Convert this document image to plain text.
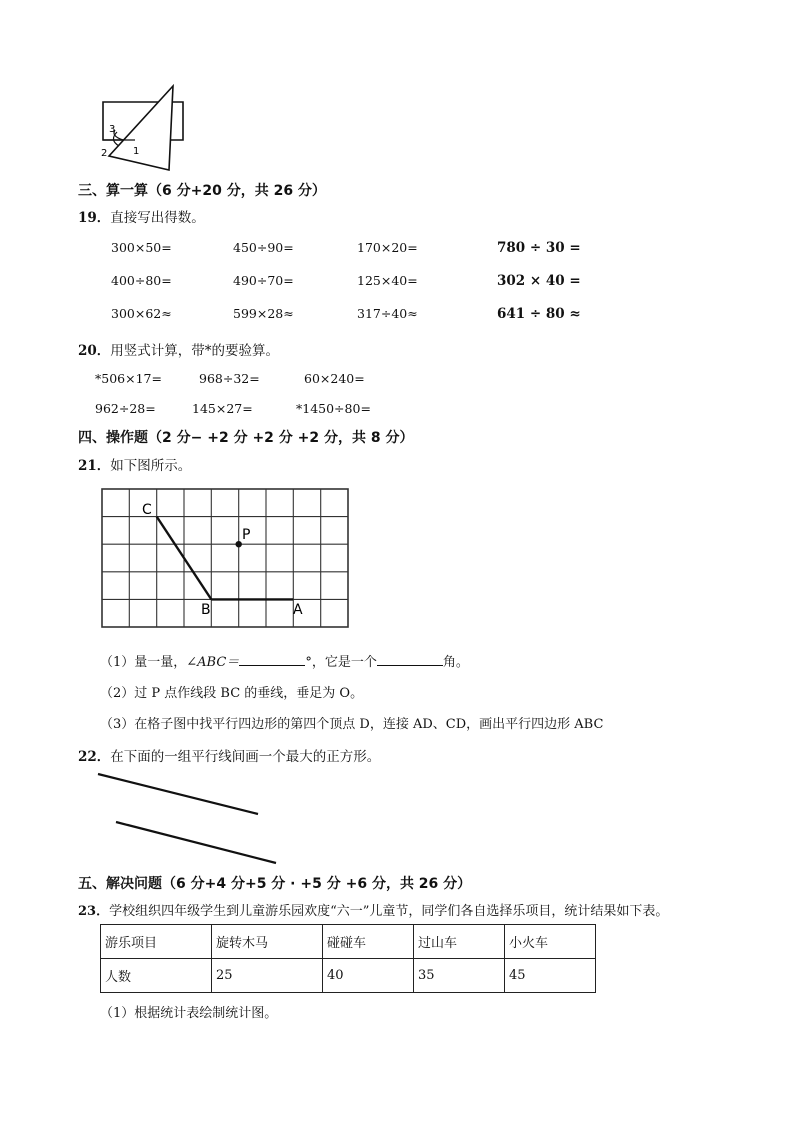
3
2	1
三、算一算（6 分+20 分，共 26 分）
19．直接写出得数。
300×50=	450÷90=	170×20=	780 ÷ 30 =
400÷80=	490÷70=	125×40=	302 × 40 =
300×62≈	599×28≈	317÷40≈	641 ÷ 80 ≈
20．用竖式计算，带*的要验算。
*506×17=	968÷32=	60×240=
962÷28=	145×27=	*1450÷80=
四、操作题（2 分− +2 分 +2 分 +2 分，共 8 分）
21．如下图所示。
C
P
B	A
（1）量一量，∠ABC＝	°，它是一个	角。
（2）过 P 点作线段 BC 的垂线，垂足为 O。
（3）在格子图中找平行四边形的第四个顶点 D，连接 AD、CD，画出平行四边形 ABC
22．在下面的一组平行线间画一个最大的正方形。
五、解决问题（6 分+4 分+5 分 · +5 分 +6 分，共 26 分）
23．学校组织四年级学生到儿童游乐园欢度“六一”儿童节，同学们各自选择乐项目，统计结果如下表。
游乐项目	旋转木马	碰碰车	过山车	小火车
人数	25	40	35	45
（1）根据统计表绘制统计图。
